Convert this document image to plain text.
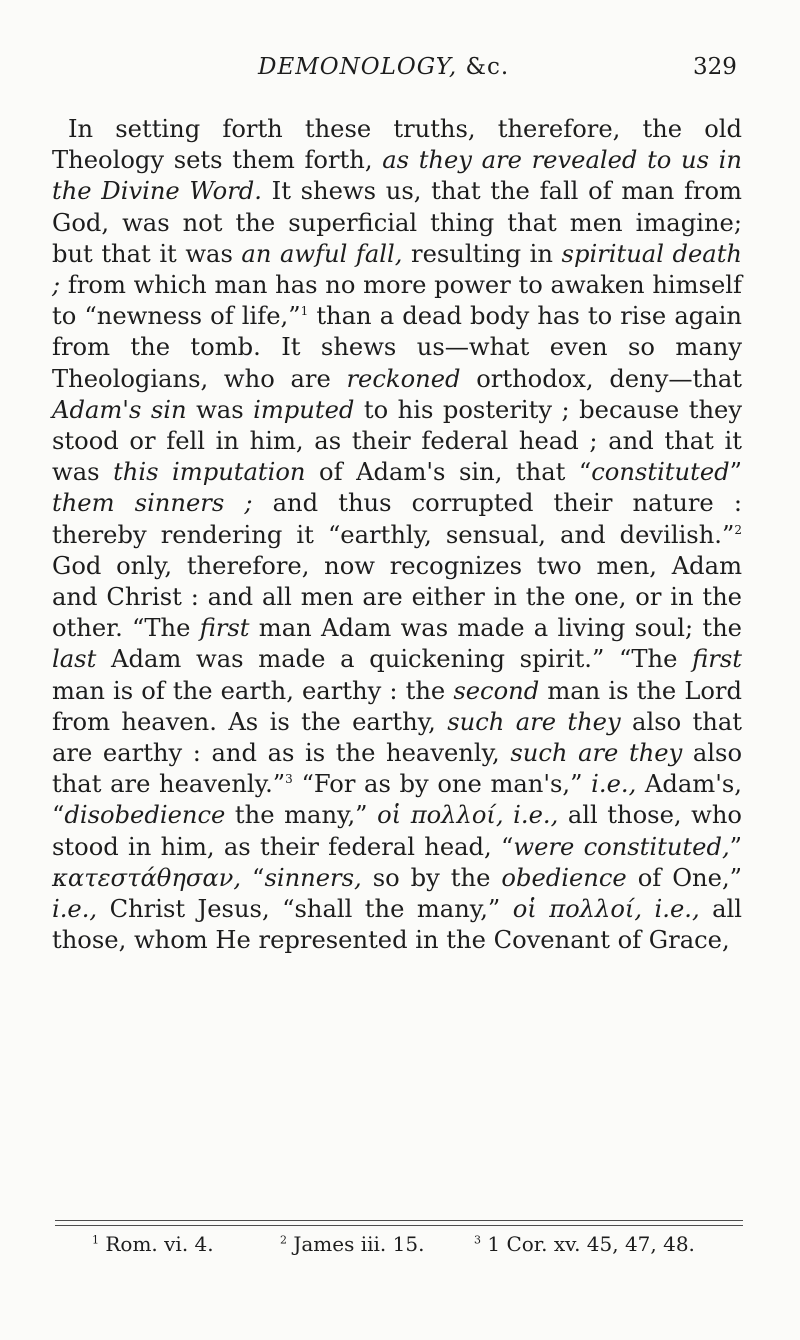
DEMONOLOGY, &c.	329

In setting forth these truths, therefore, the old Theology sets them forth, as they are revealed to us in the Divine Word. It shews us, that the fall of man from God, was not the superficial thing that men imagine; but that it was an awful fall, resulting in spiritual death ; from which man has no more power to awaken himself to “newness of life,”$^1$ than a dead body has to rise again from the tomb. It shews us—what even so many Theologians, who are reckoned orthodox, deny—that Adam's sin was imputed to his posterity ; because they stood or fell in him, as their federal head ; and that it was this imputation of Adam's sin, that “constituted” them sinners ; and thus corrupted their nature : thereby rendering it “earthly, sensual, and devilish.”$^2$ God only, therefore, now recognizes two men, Adam and Christ : and all men are either in the one, or in the other. “The first man Adam was made a living soul; the last Adam was made a quickening spirit.” “The first man is of the earth, earthy : the second man is the Lord from heaven. As is the earthy, such are they also that are earthy : and as is the heavenly, such are they also that are heavenly.”$^3$ “For as by one man's,” i.e., Adam's, “disobedience the many,” οἱ πολλοί, i.e., all those, who stood in him, as their federal head, “were constituted,” κατεστάθησαν, “sinners, so by the obedience of One,” i.e., Christ Jesus, “shall the many,” οἱ πολλοί, i.e., all those, whom He represented in the Covenant of Grace,

$^1$ Rom. vi. 4.	$^2$ James iii. 15.	$^3$ 1 Cor. xv. 45, 47, 48.
